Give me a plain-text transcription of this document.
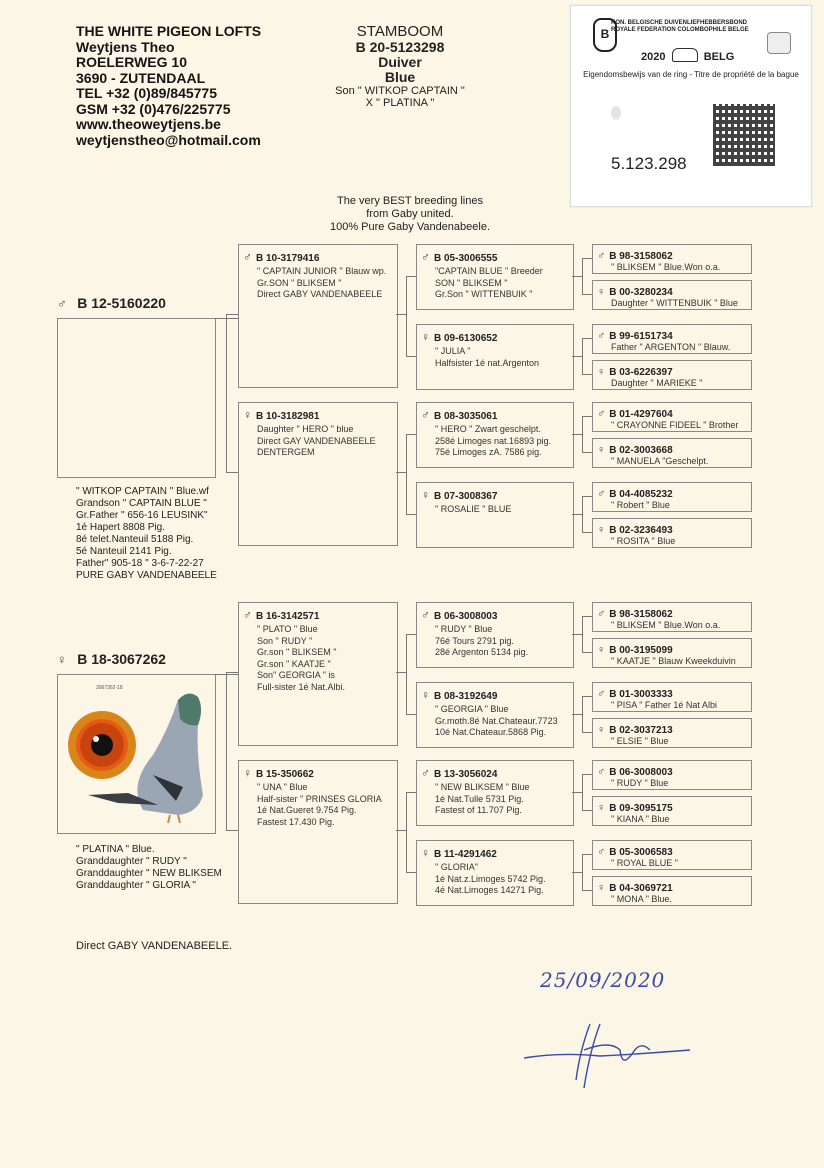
THE WHITE PIGEON LOFTS
Weytjens Theo
ROELERWEG 10
3690 - ZUTENDAAL
TEL +32 (0)89/845775
GSM +32 (0)476/225775
www.theoweytjens.be
weytjenstheo@hotmail.com
STAMBOOM
B 20-5123298
Duiver
Blue
Son " WITKOP CAPTAIN "
X " PLATINA "
B
KON. BELGISCHE DUIVENLIEFHEBBERSBOND
ROYALE FEDERATION COLOMBOPHILE BELGE
2020	BELG
Eigendomsbewijs van de ring - Titre de propriété de la bague
5.123.298
The very BEST breeding lines
from Gaby united.
100% Pure Gaby Vandenabeele.
♂ B 12-5160220
" WITKOP CAPTAIN " Blue.wf
Grandson " CAPTAIN BLUE "
Gr.Father " 656-16 LEUSINK"
1é Hapert 8808 Pig.
8é telet.Nanteuil 5188 Pig.
5é Nanteuil 2141 Pig.
Father" 905-18 " 3-6-7-22-27
PURE GABY VANDENABEELE
♀ B 18-3067262
3067262-18
" PLATINA " Blue.
Granddaughter " RUDY "
Granddaughter " NEW BLIKSEM
Granddaughter " GLORIA "
♂ B 10-3179416
" CAPTAIN JUNIOR " Blauw wp.
Gr.SON " BLIKSEM "
Direct GABY VANDENABEELE
♀ B 10-3182981
Daughter " HERO " blue
Direct GAY VANDENABEELE
DENTERGEM
♂ B 16-3142571
" PLATO " Blue
Son " RUDY "
Gr.son " BLIKSEM "
Gr.son " KAATJE "
Son" GEORGIA " is
Full-sister 1é Nat.Albi.
♀ B 15-350662
" UNA " Blue
Half-sister " PRINSES GLORIA
1é Nat.Gueret 9.754 Pig.
Fastest 17.430 Pig.
♂ B 05-3006555
"CAPTAIN BLUE " Breeder
SON " BLIKSEM "
Gr.Son " WITTENBUIK "
♀ B 09-6130652
" JULIA "
Halfsister 1é nat.Argenton
♂ B 08-3035061
" HERO " Zwart geschelpt.
258é Limoges nat.16893 pig.
75é Limoges zA. 7586 pig.
♀ B 07-3008367
" ROSALIE " BLUE
♂ B 06-3008003
" RUDY " Blue
76é Tours 2791 pig.
28é Argenton 5134 pig.
♀ B 08-3192649
" GEORGIA " Blue
Gr.moth.8é Nat.Chateaur.7723
10é Nat.Chateaur.5868 Pig.
♂ B 13-3056024
" NEW BLIKSEM " Blue
1é Nat.Tulle 5731 Pig.
Fastest of 11.707 Pig.
♀ B 11-4291462
" GLORIA"
1é Nat.z.Limoges 5742 Pig.
4é Nat.Limoges 14271 Pig.
♂ B 98-3158062
" BLIKSEM " Blue.Won o.a.
♀ B 00-3280234
Daughter " WITTENBUIK " Blue
♂ B 99-6151734
Father " ARGENTON " Blauw.
♀ B 03-6226397
Daughter " MARIEKE "
♂ B 01-4297604
" CRAYONNE FIDEEL " Brother
♀ B 02-3003668
" MANUELA "Geschelpt.
♂ B 04-4085232
" Robert " Blue
♀ B 02-3236493
" ROSITA " Blue
♂ B 98-3158062
" BLIKSEM " Blue.Won o.a.
♀ B 00-3195099
" KAATJE " Blauw Kweekduivin
♂ B 01-3003333
" PISA " Father 1é Nat Albi
♀ B 02-3037213
" ELSIE " Blue
♂ B 06-3008003
" RUDY " Blue
♀ B 09-3095175
" KIANA " Blue
♂ B 05-3006583
" ROYAL BLUE "
♀ B 04-3069721
" MONA " Blue.
Direct GABY VANDENABEELE.
25/09/2020
